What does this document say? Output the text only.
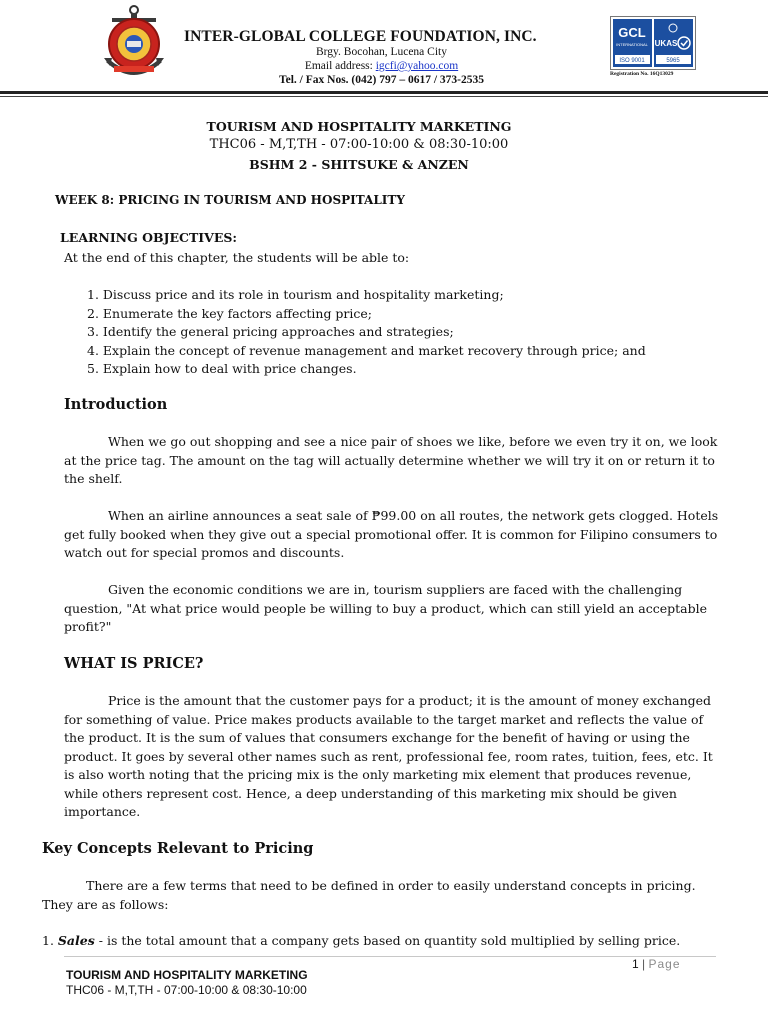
INTER-GLOBAL COLLEGE FOUNDATION, INC.
Brgy. Bocohan, Lucena City
Email address: igcfi@yahoo.com
Tel. / Fax Nos. (042) 797 – 0617 / 373-2535
GCL
INTERNATIONAL
ISO 9001
UKAS
5965
Registration No. 16Q13029
TOURISM AND HOSPITALITY MARKETING
THC06 - M,T,TH - 07:00-10:00 & 08:30-10:00
BSHM 2 - SHITSUKE & ANZEN
WEEK 8: PRICING IN TOURISM AND HOSPITALITY
LEARNING OBJECTIVES:
At the end of this chapter, the students will be able to:
1. Discuss price and its role in tourism and hospitality marketing;
2. Enumerate the key factors affecting price;
3. Identify the general pricing approaches and strategies;
4. Explain the concept of revenue management and market recovery through price; and
5. Explain how to deal with price changes.
Introduction

When we go out shopping and see a nice pair of shoes we like, before we even try it on, we look at the price tag. The amount on the tag will actually determine whether we will try it on or return it to the shelf.

When an airline announces a seat sale of ₱99.00 on all routes, the network gets clogged. Hotels get fully booked when they give out a special promotional offer. It is common for Filipino consumers to watch out for special promos and discounts.

Given the economic conditions we are in, tourism suppliers are faced with the challenging question, "At what price would people be willing to buy a product, which can still yield an acceptable profit?"

WHAT IS PRICE?

Price is the amount that the customer pays for a product; it is the amount of money exchanged for something of value. Price makes products available to the target market and reflects the value of the product. It is the sum of values that consumers exchange for the benefit of having or using the product. It goes by several other names such as rent, professional fee, room rates, tuition, fees, etc. It is also worth noting that the pricing mix is the only marketing mix element that produces revenue, while others represent cost. Hence, a deep understanding of this marketing mix should be given importance.

Key Concepts Relevant to Pricing

There are a few terms that need to be defined in order to easily understand concepts in pricing. They are as follows:

1. Sales - is the total amount that a company gets based on quantity sold multiplied by selling price.
1 | Page
TOURISM AND HOSPITALITY MARKETING
THC06 - M,T,TH - 07:00-10:00 & 08:30-10:00
